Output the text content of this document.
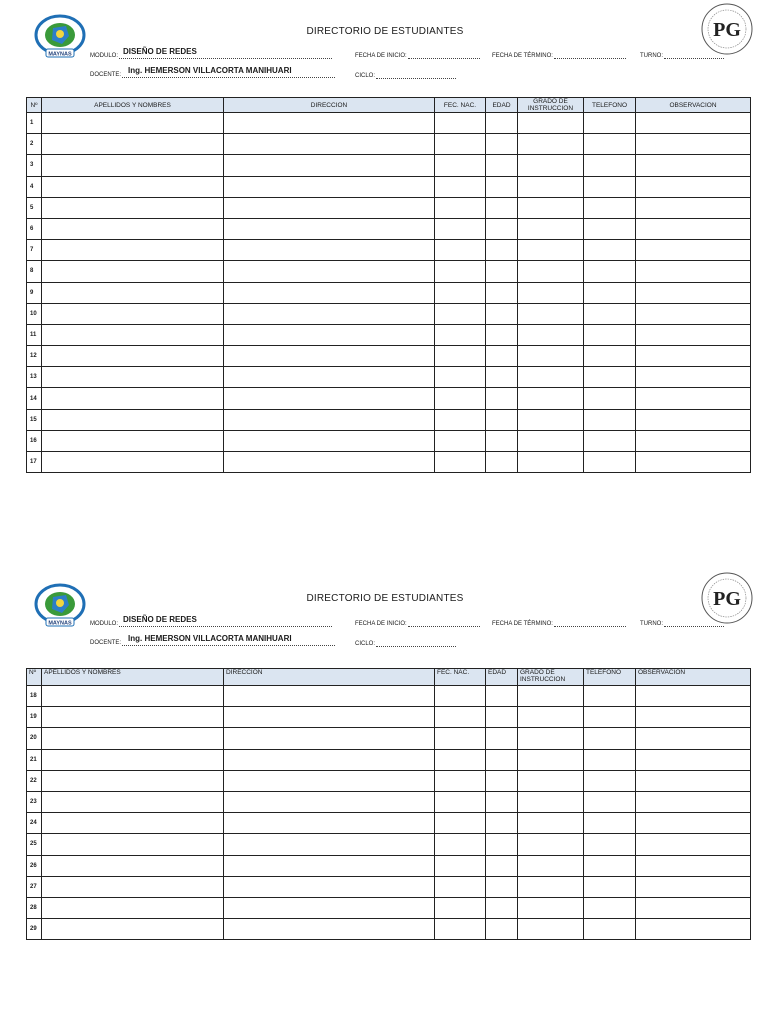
MAYNAS
PG
DIRECTORIO DE ESTUDIANTES
MODULO: DISEÑO DE REDES
DOCENTE: Ing. HEMERSON VILLACORTA MANIHUARI
FECHA DE INICIO:	FECHA DE TÉRMINO:	TURNO:
CICLO:
Nº	APELLIDOS Y NOMBRES	DIRECCION	FEC. NAC.	EDAD	GRADO DE INSTRUCCION	TELEFONO	OBSERVACION
1							
2							
3							
4							
5							
6							
7							
8							
9							
10							
11							
12							
13							
14							
15							
16							
17							
MAYNAS
PG
DIRECTORIO DE ESTUDIANTES
MODULO: DISEÑO DE REDES
DOCENTE: Ing. HEMERSON VILLACORTA MANIHUARI
FECHA DE INICIO:	FECHA DE TÉRMINO:	TURNO:
CICLO:
Nº	APELLIDOS Y NOMBRES	DIRECCION	FEC. NAC.	EDAD	GRADO DE INSTRUCCION	TELEFONO	OBSERVACION
18							
19							
20							
21							
22							
23							
24							
25							
26							
27							
28							
29							
